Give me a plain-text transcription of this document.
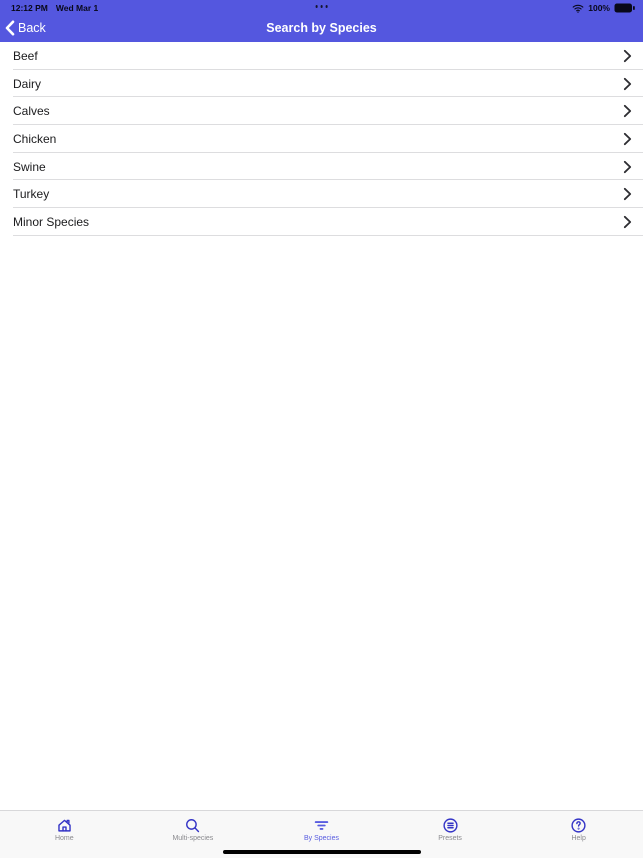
12:12 PM Wed Mar 1	100%
Back	Search by Species
Beef
Dairy
Calves
Chicken
Swine
Turkey
Minor Species
Home	Multi-species	By Species	Presets	Help
